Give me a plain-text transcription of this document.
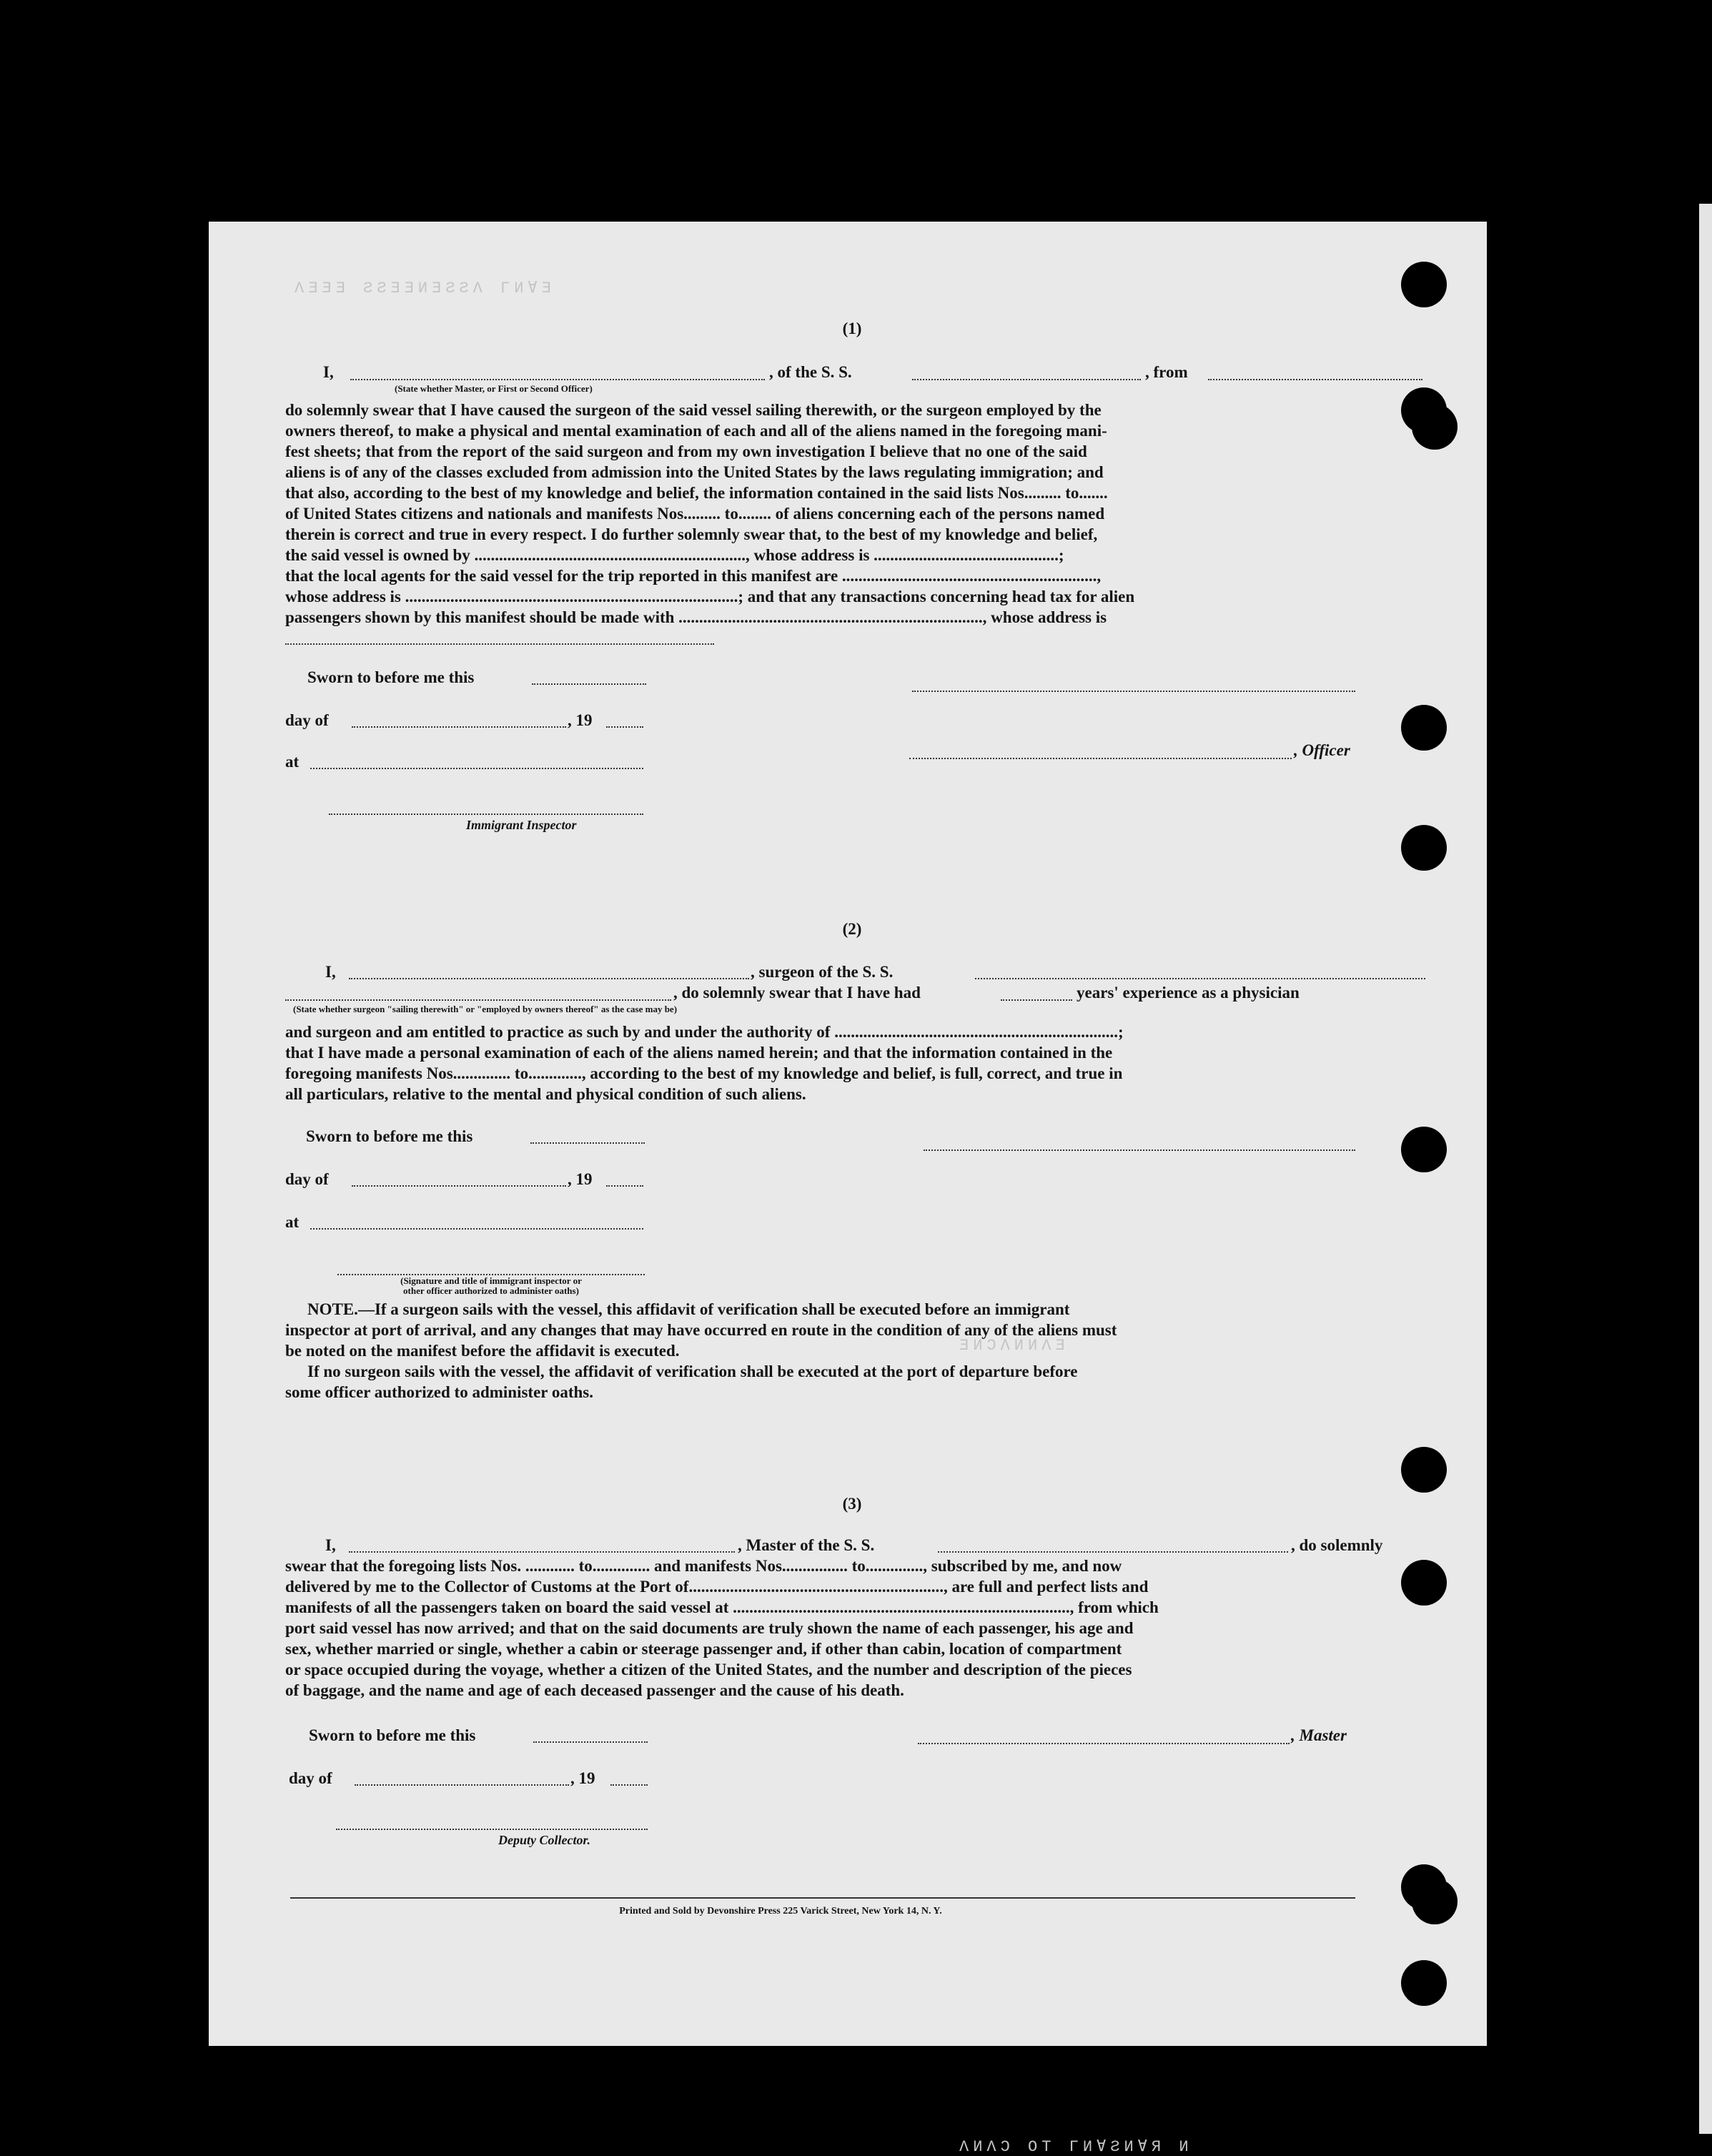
ΛƎƎƎ ƧƧƎƎИƎƧƧΛ ΓИ∀Ǝ
ƎИƆΛИИΛƎ
ΛИΛƆ ΟΤ ΓИ∀ƧИ∀Я И
(1)
I,	, of the S. S.	, from
(State whether Master, or First or Second Officer)
do solemnly swear that I have caused the surgeon of the said vessel sailing therewith, or the surgeon employed by the
owners thereof, to make a physical and mental examination of each and all of the aliens named in the foregoing mani-
fest sheets; that from the report of the said surgeon and from my own investigation I believe that no one of the said
aliens is of any of the classes excluded from admission into the United States by the laws regulating immigration; and
that also, according to the best of my knowledge and belief, the information contained in the said lists Nos......... to.......
of United States citizens and nationals and manifests Nos......... to........ of aliens concerning each of the persons named
therein is correct and true in every respect. I do further solemnly swear that, to the best of my knowledge and belief,
the said vessel is owned by .................................................................., whose address is .............................................;
that the local agents for the said vessel for the trip reported in this manifest are ..............................................................,
whose address is .................................................................................; and that any transactions concerning head tax for alien
passengers shown by this manifest should be made with .........................................................................., whose address is
Sworn to before me this
day of	, 19
, Officer
at
Immigrant Inspector
(2)
I,	, surgeon of the S. S.
, do solemnly swear that I have had	years' experience as a physician
(State whether surgeon "sailing therewith" or "employed by owners thereof" as the case may be)
and surgeon and am entitled to practice as such by and under the authority of .....................................................................;
that I have made a personal examination of each of the aliens named herein; and that the information contained in the
foregoing manifests Nos.............. to............., according to the best of my knowledge and belief, is full, correct, and true in
all particulars, relative to the mental and physical condition of such aliens.
Sworn to before me this
day of	, 19
at
(Signature and title of immigrant inspector or
other officer authorized to administer oaths)
NOTE.—If a surgeon sails with the vessel, this affidavit of verification shall be executed before an immigrant
inspector at port of arrival, and any changes that may have occurred en route in the condition of any of the aliens must
be noted on the manifest before the affidavit is executed.
If no surgeon sails with the vessel, the affidavit of verification shall be executed at the port of departure before
some officer authorized to administer oaths.
(3)
I,	, Master of the S. S.	, do solemnly
swear that the foregoing lists Nos. ............ to.............. and manifests Nos................ to.............., subscribed by me, and now
delivered by me to the Collector of Customs at the Port of.............................................................., are full and perfect lists and
manifests of all the passengers taken on board the said vessel at .................................................................................., from which
port said vessel has now arrived; and that on the said documents are truly shown the name of each passenger, his age and
sex, whether married or single, whether a cabin or steerage passenger and, if other than cabin, location of compartment
or space occupied during the voyage, whether a citizen of the United States, and the number and description of the pieces
of baggage, and the name and age of each deceased passenger and the cause of his death.
Sworn to before me this	, Master
day of	, 19
Deputy Collector.
Printed and Sold by Devonshire Press 225 Varick Street, New York 14, N. Y.
